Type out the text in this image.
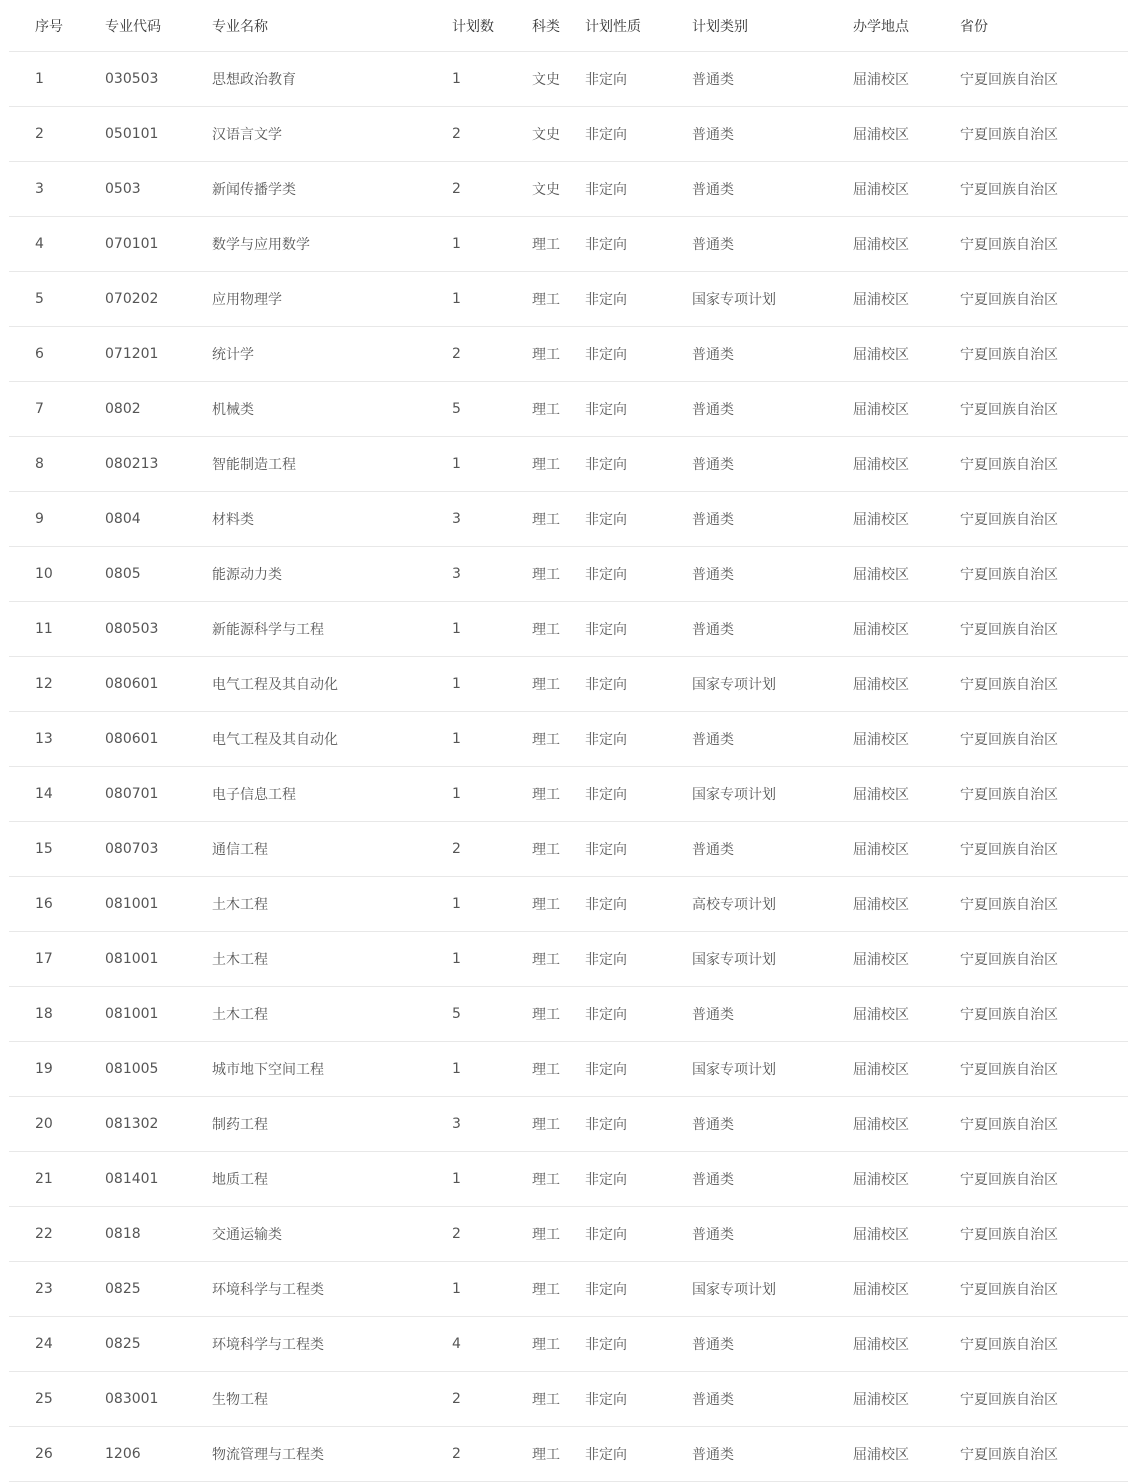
序号	专业代码	专业名称	计划数	科类	计划性质	计划类别	办学地点	省份
1	030503	思想政治教育	1	文史	非定向	普通类	屈浦校区	宁夏回族自治区
2	050101	汉语言文学	2	文史	非定向	普通类	屈浦校区	宁夏回族自治区
3	0503	新闻传播学类	2	文史	非定向	普通类	屈浦校区	宁夏回族自治区
4	070101	数学与应用数学	1	理工	非定向	普通类	屈浦校区	宁夏回族自治区
5	070202	应用物理学	1	理工	非定向	国家专项计划	屈浦校区	宁夏回族自治区
6	071201	统计学	2	理工	非定向	普通类	屈浦校区	宁夏回族自治区
7	0802	机械类	5	理工	非定向	普通类	屈浦校区	宁夏回族自治区
8	080213	智能制造工程	1	理工	非定向	普通类	屈浦校区	宁夏回族自治区
9	0804	材料类	3	理工	非定向	普通类	屈浦校区	宁夏回族自治区
10	0805	能源动力类	3	理工	非定向	普通类	屈浦校区	宁夏回族自治区
11	080503	新能源科学与工程	1	理工	非定向	普通类	屈浦校区	宁夏回族自治区
12	080601	电气工程及其自动化	1	理工	非定向	国家专项计划	屈浦校区	宁夏回族自治区
13	080601	电气工程及其自动化	1	理工	非定向	普通类	屈浦校区	宁夏回族自治区
14	080701	电子信息工程	1	理工	非定向	国家专项计划	屈浦校区	宁夏回族自治区
15	080703	通信工程	2	理工	非定向	普通类	屈浦校区	宁夏回族自治区
16	081001	土木工程	1	理工	非定向	高校专项计划	屈浦校区	宁夏回族自治区
17	081001	土木工程	1	理工	非定向	国家专项计划	屈浦校区	宁夏回族自治区
18	081001	土木工程	5	理工	非定向	普通类	屈浦校区	宁夏回族自治区
19	081005	城市地下空间工程	1	理工	非定向	国家专项计划	屈浦校区	宁夏回族自治区
20	081302	制药工程	3	理工	非定向	普通类	屈浦校区	宁夏回族自治区
21	081401	地质工程	1	理工	非定向	普通类	屈浦校区	宁夏回族自治区
22	0818	交通运输类	2	理工	非定向	普通类	屈浦校区	宁夏回族自治区
23	0825	环境科学与工程类	1	理工	非定向	国家专项计划	屈浦校区	宁夏回族自治区
24	0825	环境科学与工程类	4	理工	非定向	普通类	屈浦校区	宁夏回族自治区
25	083001	生物工程	2	理工	非定向	普通类	屈浦校区	宁夏回族自治区
26	1206	物流管理与工程类	2	理工	非定向	普通类	屈浦校区	宁夏回族自治区
